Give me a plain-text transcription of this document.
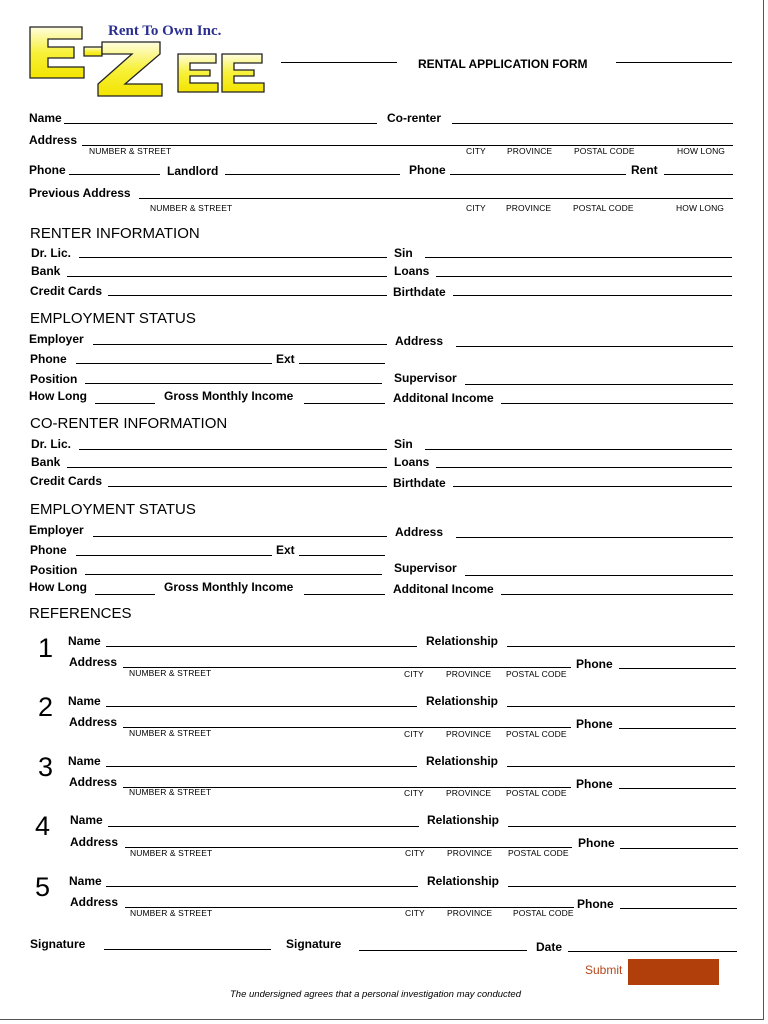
Rent To Own Inc.
RENTAL APPLICATION FORM
Name	Co-renter
Address
NUMBER & STREET	CITY PROVINCE	POSTAL CODE	HOW LONG
Phone	Landlord	Phone	Rent
Previous Address
NUMBER & STREET	CITY PROVINCE	POSTAL CODE	HOW LONG
RENTER INFORMATION
Dr. Lic.	Sin
Bank	Loans
Credit Cards	Birthdate
EMPLOYMENT STATUS
Employer	Address
Phone	Ext
Position	Supervisor
How Long	Gross Monthly Income	Additonal Income
CO-RENTER INFORMATION
Dr. Lic.	Sin
Bank	Loans
Credit Cards	Birthdate
EMPLOYMENT STATUS
Employer	Address
Phone	Ext
Position	Supervisor
How Long	Gross Monthly Income	Additonal Income
REFERENCES
1 Name	Relationship
Address
NUMBER & STREET	CITY	PROVINCE POSTAL CODE
Phone
2 Name	Relationship
Address
NUMBER & STREET	CITY	PROVINCE POSTAL CODE
Phone
3 Name	Relationship
Address
NUMBER & STREET	CITY	PROVINCE POSTAL CODE
Phone
4 Name	Relationship
Address
NUMBER & STREET	CITY	PROVINCE POSTAL CODE
Phone
5 Name	Relationship
Address
NUMBER & STREET	CITY	PROVINCE POSTAL CODE
Phone
Signature	Signature	Date
Submit
The undersigned agrees that a personal investigation may conducted
